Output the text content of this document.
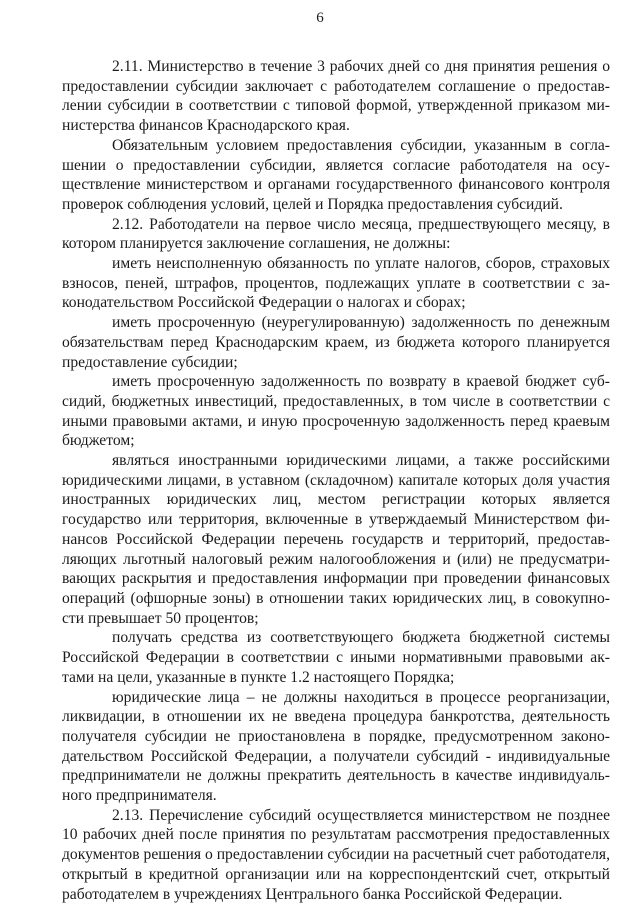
6

2.11. Министерство в течение 3 рабочих дней со дня принятия решения о предоставлении субсидии заключает с работодателем соглашение о предоставлении субсидии в соответствии с типовой формой, утвержденной приказом министерства финансов Краснодарского края.

Обязательным условием предоставления субсидии, указанным в соглашении о предоставлении субсидии, является согласие работодателя на осуществление министерством и органами государственного финансового контроля проверок соблюдения условий, целей и Порядка предоставления субсидий.

2.12. Работодатели на первое число месяца, предшествующего месяцу, в котором планируется заключение соглашения, не должны:

иметь неисполненную обязанность по уплате налогов, сборов, страховых взносов, пеней, штрафов, процентов, подлежащих уплате в соответствии с законодательством Российской Федерации о налогах и сборах;

иметь просроченную (неурегулированную) задолженность по денежным обязательствам перед Краснодарским краем, из бюджета которого планируется предоставление субсидии;

иметь просроченную задолженность по возврату в краевой бюджет субсидий, бюджетных инвестиций, предоставленных, в том числе в соответствии с иными правовыми актами, и иную просроченную задолженность перед краевым бюджетом;

являться иностранными юридическими лицами, а также российскими юридическими лицами, в уставном (складочном) капитале которых доля участия иностранных юридических лиц, местом регистрации которых является государство или территория, включенные в утверждаемый Министерством финансов Российской Федерации перечень государств и территорий, предоставляющих льготный налоговый режим налогообложения и (или) не предусматривающих раскрытия и предоставления информации при проведении финансовых операций (офшорные зоны) в отношении таких юридических лиц, в совокупности превышает 50 процентов;

получать средства из соответствующего бюджета бюджетной системы Российской Федерации в соответствии с иными нормативными правовыми актами на цели, указанные в пункте 1.2 настоящего Порядка;

юридические лица – не должны находиться в процессе реорганизации, ликвидации, в отношении их не введена процедура банкротства, деятельность получателя субсидии не приостановлена в порядке, предусмотренном законодательством Российской Федерации, а получатели субсидий - индивидуальные предприниматели не должны прекратить деятельность в качестве индивидуального предпринимателя.

2.13. Перечисление субсидий осуществляется министерством не позднее 10 рабочих дней после принятия по результатам рассмотрения предоставленных документов решения о предоставлении субсидии на расчетный счет работодателя, открытый в кредитной организации или на корреспондентский счет, открытый работодателем в учреждениях Центрального банка Российской Федерации.
